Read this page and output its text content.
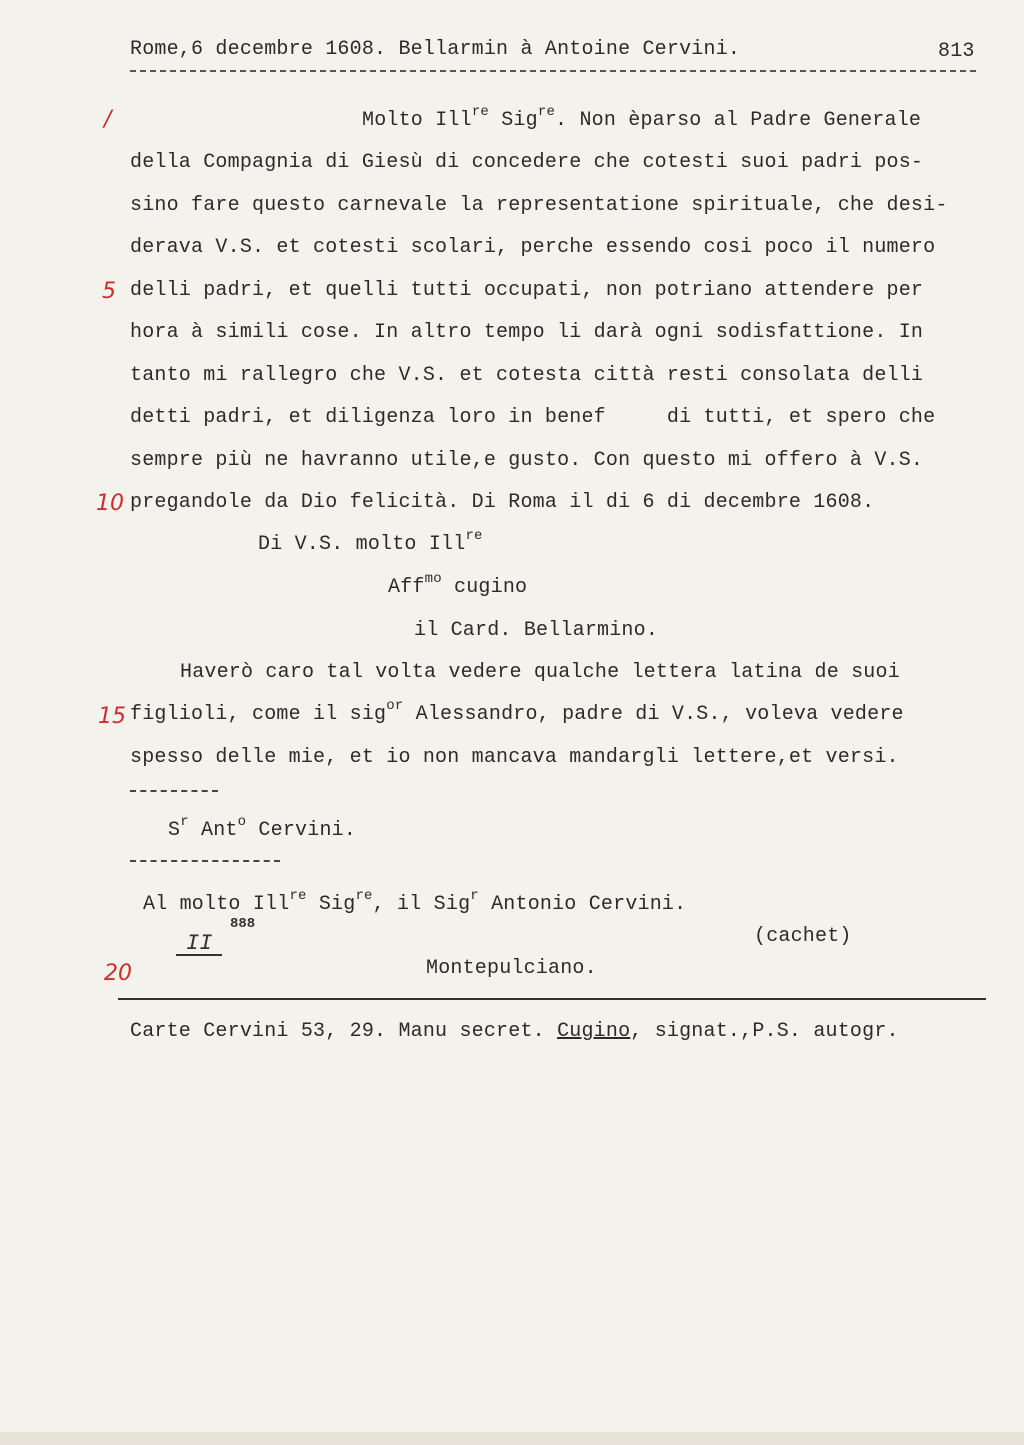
Rome,6 decembre 1608. Bellarmin à Antoine Cervini.	813
/
5
10
15
20
Molto Ill$^{re}$ Sig$^{re}$. Non èparso al Padre Generale
della Compagnia di Giesù di concedere che cotesti suoi padri pos-
sino fare questo carnevale la representatione spirituale, che desi-
derava V.S. et cotesti scolari, perche essendo cosi poco il numero
delli padri, et quelli tutti occupati, non potriano attendere per
hora à simili cose. In altro tempo li darà ogni sodisfattione. In
tanto mi rallegro che V.S. et cotesta città resti consolata delli
detti padri, et diligenza loro in benef     di tutti, et spero che
sempre più ne havranno utile,e gusto. Con questo mi offero à V.S.
pregandole da Dio felicità. Di Roma il di 6 di decembre 1608.
Di V.S. molto Ill$^{re}$
Aff$^{mo}$ cugino
il Card. Bellarmino.
Haverò caro tal volta vedere qualche lettera latina de suoi
figlioli, come il sig$^{or}$ Alessandro, padre di V.S., voleva vedere
spesso delle mie, et io non mancava mandargli lettere,et versi.
$S^r$ Ant$^o$ Cervini.
Al molto Ill$^{re}$ Sig$^{re}$, il Sig$^r$ Antonio Cervini.
888
II	(cachet)
Montepulciano.
Carte Cervini 53, 29. Manu secret. Cugino, signat.,P.S. autogr.
